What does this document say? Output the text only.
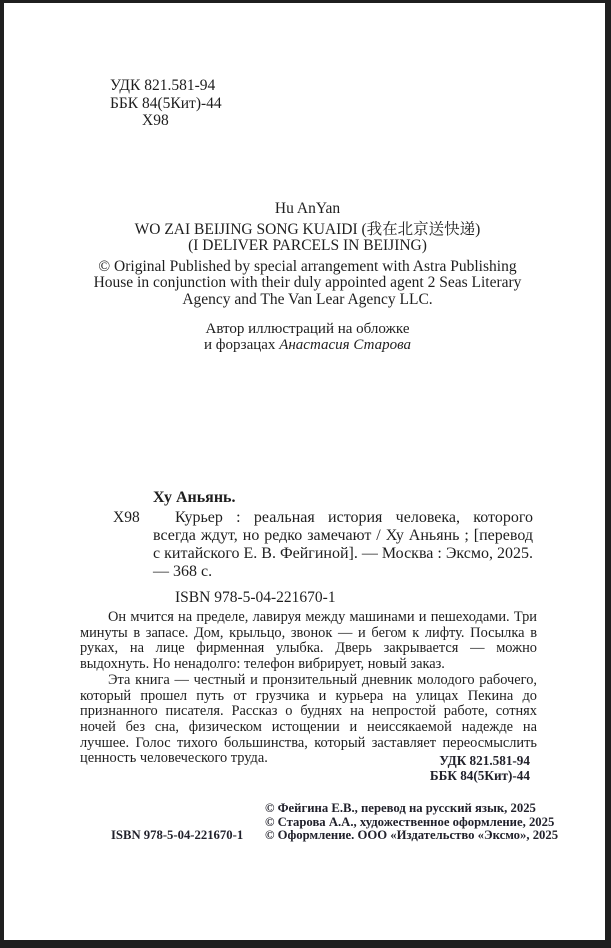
УДК 821.581-94
ББК 84(5Кит)-44
Х98
Hu AnYan
WO ZAI BEIJING SONG KUAIDI (我在北京送快递)
(I DELIVER PARCELS IN BEIJING)
© Original Published by special arrangement with Astra Publishing House in conjunction with their duly appointed agent 2 Seas Literary Agency and The Van Lear Agency LLC.
Автор иллюстраций на обложке
и форзацах Анастасия Старова
Ху Аньянь.
Х98	Курьер : реальная история человека, которого всегда ждут, но редко замечают / Ху Аньянь ; [перевод с китайского Е. В. Фейгиной]. — Москва : Эксмо, 2025. — 368 с.
ISBN 978-5-04-221670-1

Он мчится на пределе, лавируя между машинами и пешеходами. Три минуты в запасе. Дом, крыльцо, звонок — и бегом к лифту. Посылка в руках, на лице фирменная улыбка. Дверь закрывается — можно выдохнуть. Но ненадолго: телефон вибрирует, новый заказ.

Эта книга — честный и пронзительный дневник молодого рабочего, который прошел путь от грузчика и курьера на улицах Пекина до признанного писателя. Рассказ о буднях на непростой работе, сотнях ночей без сна, физическом истощении и неиссякаемой надежде на лучшее. Голос тихого большинства, который заставляет переосмыслить ценность человеческого труда.	УДК 821.581-94
ББК 84(5Кит)-44
ISBN 978-5-04-221670-1
© Фейгина Е.В., перевод на русский язык, 2025
© Старова А.А., художественное оформление, 2025
© Оформление. ООО «Издательство «Эксмо», 2025
